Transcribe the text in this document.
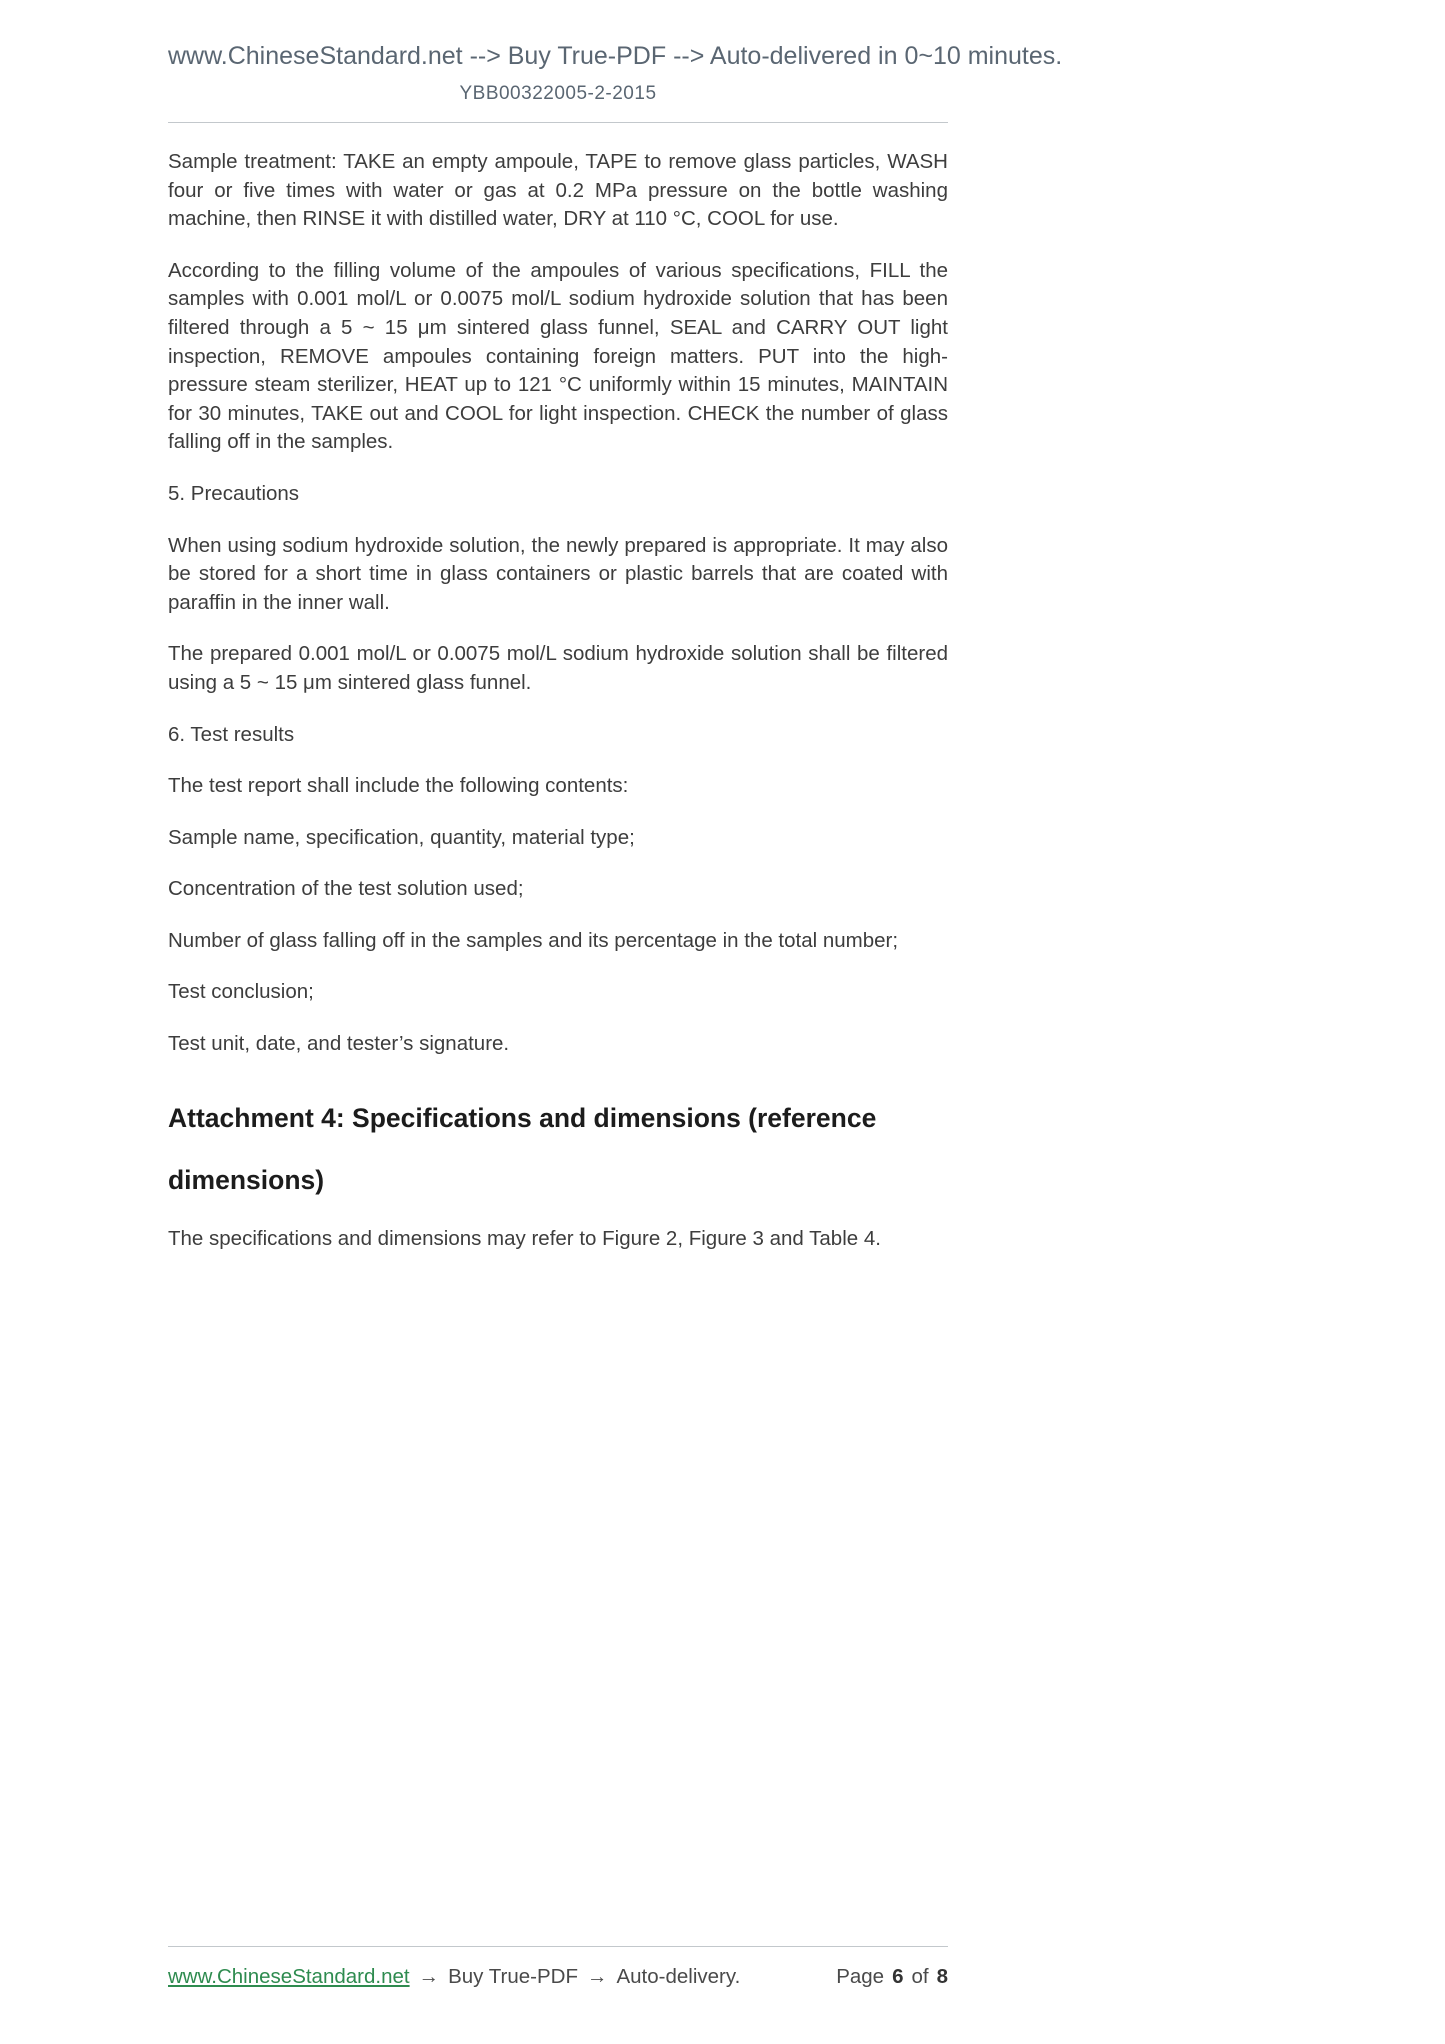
www.ChineseStandard.net --> Buy True-PDF --> Auto-delivered in 0~10 minutes.
YBB00322005-2-2015

Sample treatment: TAKE an empty ampoule, TAPE to remove glass particles, WASH four or five times with water or gas at 0.2 MPa pressure on the bottle washing machine, then RINSE it with distilled water, DRY at 110 °C, COOL for use.

According to the filling volume of the ampoules of various specifications, FILL the samples with 0.001 mol/L or 0.0075 mol/L sodium hydroxide solution that has been filtered through a 5 ~ 15 μm sintered glass funnel, SEAL and CARRY OUT light inspection, REMOVE ampoules containing foreign matters. PUT into the high-pressure steam sterilizer, HEAT up to 121 °C uniformly within 15 minutes, MAINTAIN for 30 minutes, TAKE out and COOL for light inspection. CHECK the number of glass falling off in the samples.

5. Precautions

When using sodium hydroxide solution, the newly prepared is appropriate. It may also be stored for a short time in glass containers or plastic barrels that are coated with paraffin in the inner wall.

The prepared 0.001 mol/L or 0.0075 mol/L sodium hydroxide solution shall be filtered using a 5 ~ 15 μm sintered glass funnel.

6. Test results

The test report shall include the following contents:

Sample name, specification, quantity, material type;

Concentration of the test solution used;

Number of glass falling off in the samples and its percentage in the total number;

Test conclusion;

Test unit, date, and tester’s signature.

Attachment 4: Specifications and dimensions (reference dimensions)

The specifications and dimensions may refer to Figure 2, Figure 3 and Table 4.

www.ChineseStandard.net → Buy True-PDF → Auto-delivery.	Page 6 of 8
